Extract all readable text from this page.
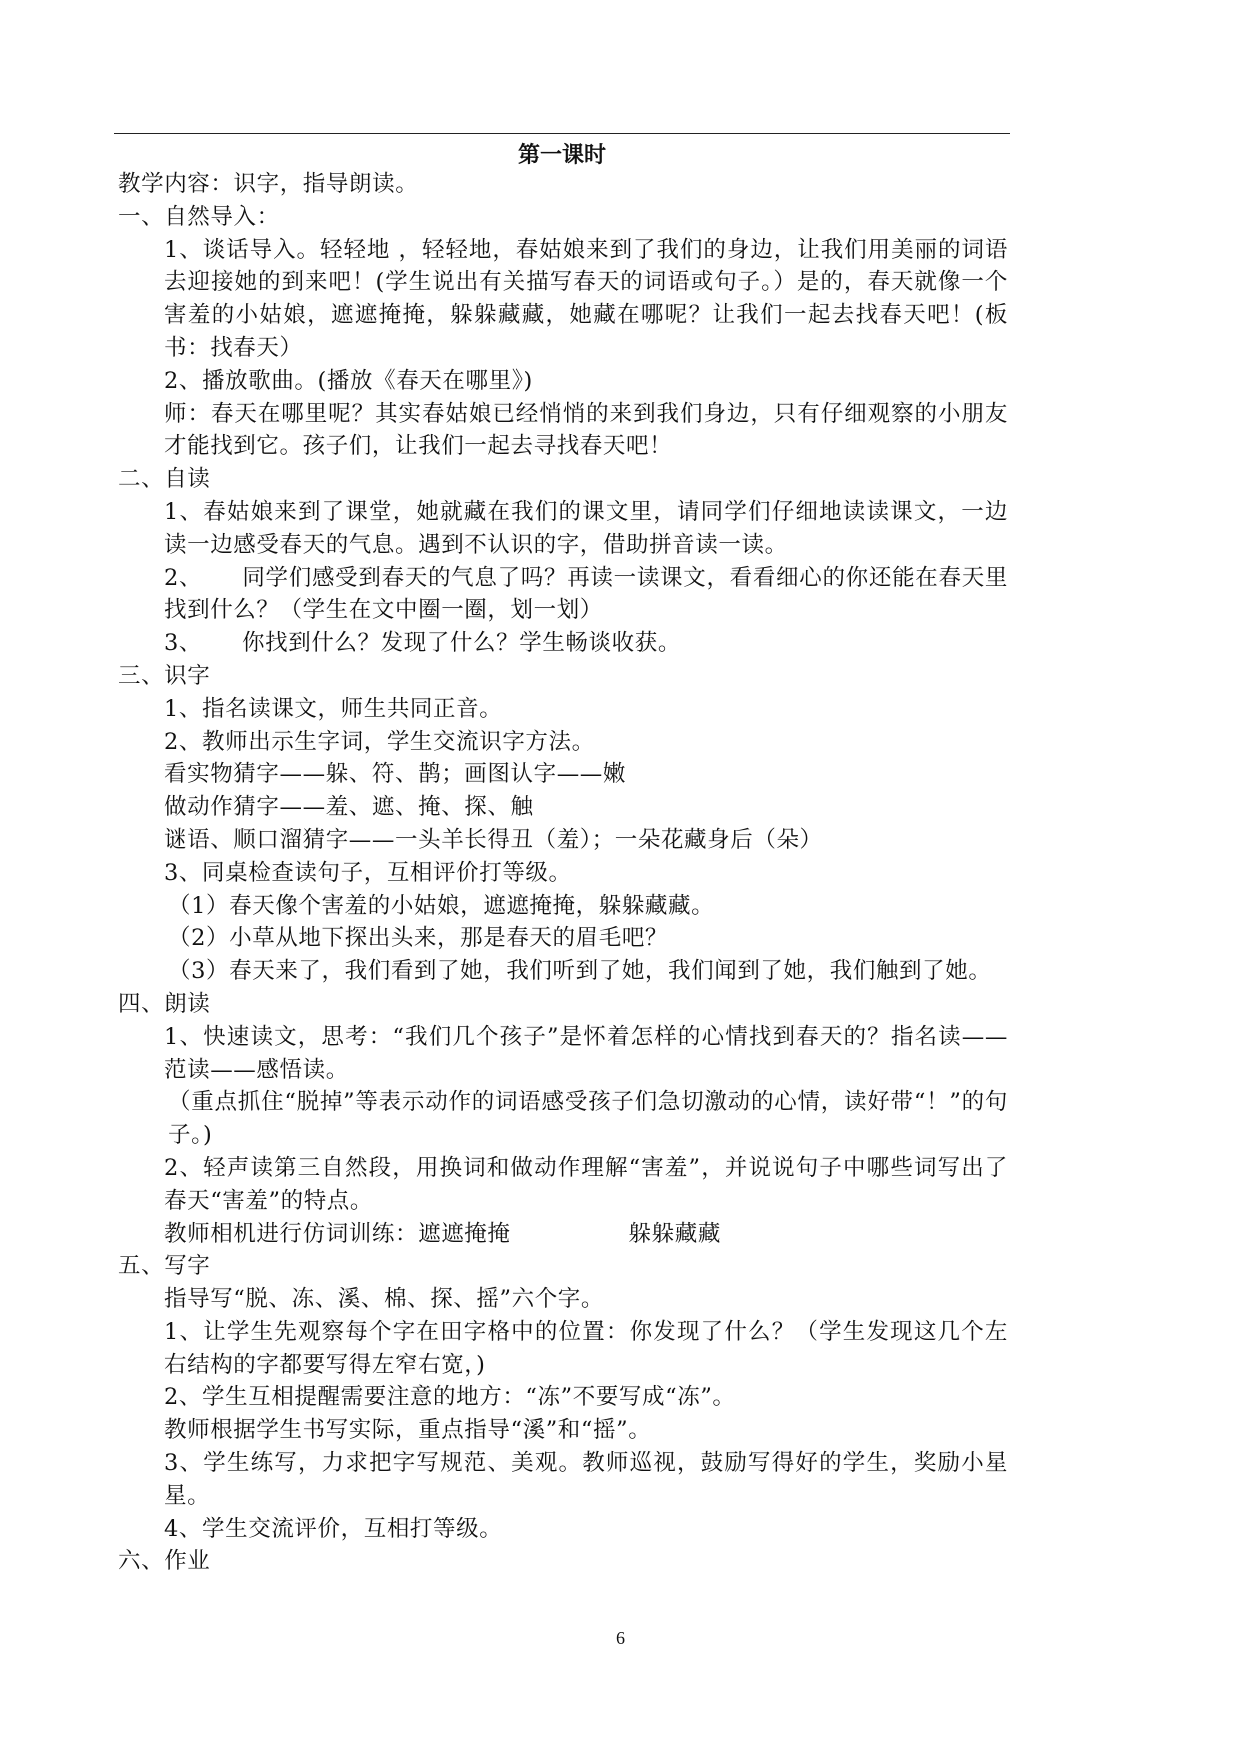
第一课时

教学内容：识字，指导朗读。

一、自然导入：

1、谈话导入。轻轻地 ，轻轻地，春姑娘来到了我们的身边，让我们用美丽的词语去迎接她的到来吧！(学生说出有关描写春天的词语或句子。）是的，春天就像一个害羞的小姑娘，遮遮掩掩，躲躲藏藏，她藏在哪呢？让我们一起去找春天吧！(板书：找春天）

2、播放歌曲。(播放《春天在哪里》)

师：春天在哪里呢？其实春姑娘已经悄悄的来到我们身边，只有仔细观察的小朋友才能找到它。孩子们，让我们一起去寻找春天吧！

二、自读

1、春姑娘来到了课堂，她就藏在我们的课文里，请同学们仔细地读读课文，一边读一边感受春天的气息。遇到不认识的字，借助拼音读一读。

2、 同学们感受到春天的气息了吗？再读一读课文，看看细心的你还能在春天里找到什么？（学生在文中圈一圈，划一划）

3、 你找到什么？发现了什么？学生畅谈收获。

三、识字

1、指名读课文，师生共同正音。

2、教师出示生字词，学生交流识字方法。

看实物猜字——躲、符、鹊；画图认字——嫩

做动作猜字——羞、遮、掩、探、触

谜语、顺口溜猜字——一头羊长得丑（羞）；一朵花藏身后（朵）

3、同桌检查读句子，互相评价打等级。

（1）春天像个害羞的小姑娘，遮遮掩掩，躲躲藏藏。

（2）小草从地下探出头来，那是春天的眉毛吧？

（3）春天来了，我们看到了她，我们听到了她，我们闻到了她，我们触到了她。

四、朗读

1、快速读文，思考：“我们几个孩子”是怀着怎样的心情找到春天的？指名读——范读——感悟读。

（重点抓住“脱掉”等表示动作的词语感受孩子们急切激动的心情，读好带“！”的句子。)

2、轻声读第三自然段，用换词和做动作理解“害羞”，并说说句子中哪些词写出了春天“害羞”的特点。

教师相机进行仿词训练：遮遮掩掩	躲躲藏藏

五、写字

指导写“脱、冻、溪、棉、探、摇”六个字。

1、让学生先观察每个字在田字格中的位置：你发现了什么？（学生发现这几个左右结构的字都要写得左窄右宽，)

2、学生互相提醒需要注意的地方：“冻”不要写成“冻”。

教师根据学生书写实际，重点指导“溪”和“摇”。

3、学生练写，力求把字写规范、美观。教师巡视，鼓励写得好的学生，奖励小星星。

4、学生交流评价，互相打等级。

六、作业

6
